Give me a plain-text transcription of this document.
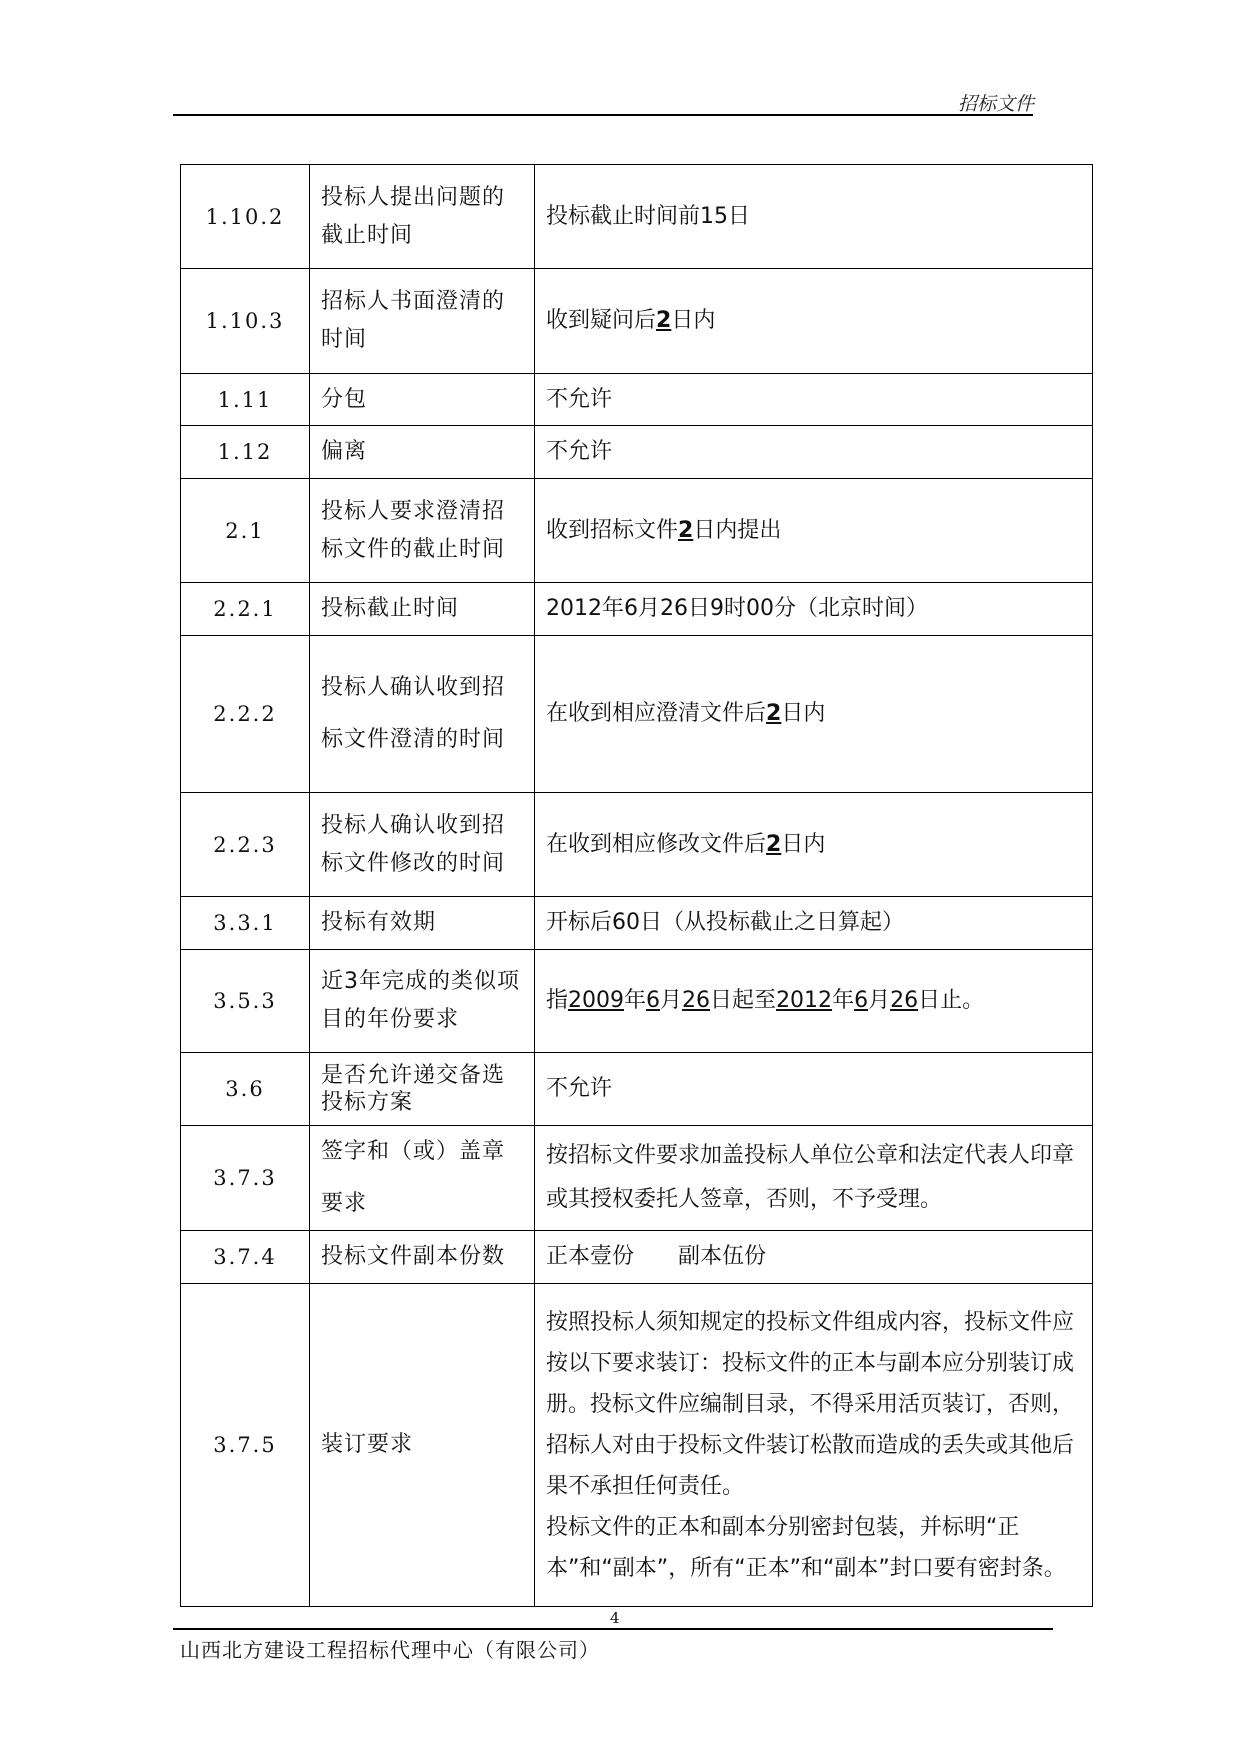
招标文件
1.10.2	投标人提出问题的截止时间	投标截止时间前15日
1.10.3	招标人书面澄清的时间	收到疑问后2日内
1.11	分包	不允许
1.12	偏离	不允许
2.1	投标人要求澄清招标文件的截止时间	收到招标文件2日内提出
2.2.1	投标截止时间	2012年6月26日9时00分（北京时间）
2.2.2	投标人确认收到招标文件澄清的时间	在收到相应澄清文件后2日内
2.2.3	投标人确认收到招标文件修改的时间	在收到相应修改文件后2日内
3.3.1	投标有效期	开标后60日（从投标截止之日算起）
3.5.3	近3年完成的类似项目的年份要求	指2009年6月26日起至2012年6月26日止。
3.6	是否允许递交备选投标方案	不允许
3.7.3	签字和（或）盖章要求	按招标文件要求加盖投标人单位公章和法定代表人印章或其授权委托人签章，否则，不予受理。
3.7.4	投标文件副本份数	正本壹份　　副本伍份
3.7.5	装订要求	按照投标人须知规定的投标文件组成内容，投标文件应按以下要求装订：投标文件的正本与副本应分别装订成册。投标文件应编制目录，不得采用活页装订，否则，招标人对由于投标文件装订松散而造成的丢失或其他后果不承担任何责任。
投标文件的正本和副本分别密封包装，并标明“正本”和“副本”，所有“正本”和“副本”封口要有密封条。
4
山西北方建设工程招标代理中心（有限公司）
